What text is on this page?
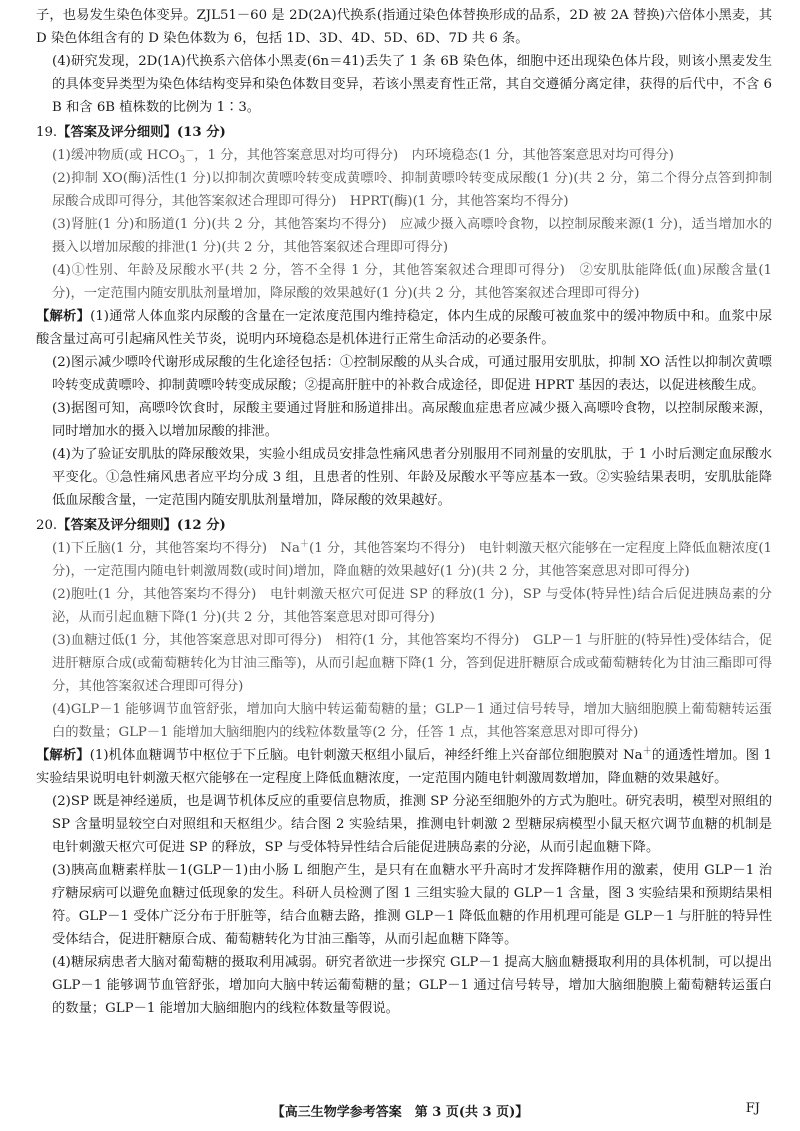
子，也易发生染色体变异。ZJL51－60 是 2D(2A)代换系(指通过染色体替换形成的品系，2D 被 2A 替换)六倍体小黑麦，其 D 染色体组含有的 D 染色体数为 6，包括 1D、3D、4D、5D、6D、7D 共 6 条。

(4)研究发现，2D(1A)代换系六倍体小黑麦(6n＝41)丢失了 1 条 6B 染色体，细胞中还出现染色体片段，则该小黑麦发生的具体变异类型为染色体结构变异和染色体数目变异，若该小黑麦育性正常，其自交遵循分离定律，获得的后代中，不含 6B 和含 6B 植株数的比例为 1∶3。

19.【答案及评分细则】(13 分)

(1)缓冲物质(或 $HCO_3^-$，1 分，其他答案意思对均可得分)　内环境稳态(1 分，其他答案意思对均可得分)

(2)抑制 XO(酶)活性(1 分)以抑制次黄嘌呤转变成黄嘌呤、抑制黄嘌呤转变成尿酸(1 分)(共 2 分，第二个得分点答到抑制尿酸合成即可得分，其他答案叙述合理即可得分)　HPRT(酶)(1 分，其他答案均不得分)

(3)肾脏(1 分)和肠道(1 分)(共 2 分，其他答案均不得分)　应减少摄入高嘌呤食物，以控制尿酸来源(1 分)，适当增加水的摄入以增加尿酸的排泄(1 分)(共 2 分，其他答案叙述合理即可得分)

(4)①性别、年龄及尿酸水平(共 2 分，答不全得 1 分，其他答案叙述合理即可得分)　②安肌肽能降低(血)尿酸含量(1 分)，一定范围内随安肌肽剂量增加，降尿酸的效果越好(1 分)(共 2 分，其他答案叙述合理即可得分)

【解析】(1)通常人体血浆内尿酸的含量在一定浓度范围内维持稳定，体内生成的尿酸可被血浆中的缓冲物质中和。血浆中尿酸含量过高可引起痛风性关节炎，说明内环境稳态是机体进行正常生命活动的必要条件。

(2)图示减少嘌呤代谢形成尿酸的生化途径包括：①控制尿酸的从头合成，可通过服用安肌肽，抑制 XO 活性以抑制次黄嘌呤转变成黄嘌呤、抑制黄嘌呤转变成尿酸；②提高肝脏中的补救合成途径，即促进 HPRT 基因的表达，以促进核酸生成。

(3)据图可知，高嘌呤饮食时，尿酸主要通过肾脏和肠道排出。高尿酸血症患者应减少摄入高嘌呤食物，以控制尿酸来源，同时增加水的摄入以增加尿酸的排泄。

(4)为了验证安肌肽的降尿酸效果，实验小组成员安排急性痛风患者分别服用不同剂量的安肌肽，于 1 小时后测定血尿酸水平变化。①急性痛风患者应平均分成 3 组，且患者的性别、年龄及尿酸水平等应基本一致。②实验结果表明，安肌肽能降低血尿酸含量，一定范围内随安肌肽剂量增加，降尿酸的效果越好。

20.【答案及评分细则】(12 分)

(1)下丘脑(1 分，其他答案均不得分)　Na＋(1 分，其他答案均不得分)　电针刺激天枢穴能够在一定程度上降低血糖浓度(1 分)，一定范围内随电针刺激周数(或时间)增加，降血糖的效果越好(1 分)(共 2 分，其他答案意思对即可得分)

(2)胞吐(1 分，其他答案均不得分)　电针刺激天枢穴可促进 SP 的释放(1 分)，SP 与受体(特异性)结合后促进胰岛素的分泌，从而引起血糖下降(1 分)(共 2 分，其他答案意思对即可得分)

(3)血糖过低(1 分，其他答案意思对即可得分)　相符(1 分，其他答案均不得分)　GLP－1 与肝脏的(特异性)受体结合，促进肝糖原合成(或葡萄糖转化为甘油三酯等)，从而引起血糖下降(1 分，答到促进肝糖原合成或葡萄糖转化为甘油三酯即可得分，其他答案叙述合理即可得分)

(4)GLP－1 能够调节血管舒张，增加向大脑中转运葡萄糖的量；GLP－1 通过信号转导，增加大脑细胞膜上葡萄糖转运蛋白的数量；GLP－1 能增加大脑细胞内的线粒体数量等(2 分，任答 1 点，其他答案意思对即可得分)

【解析】(1)机体血糖调节中枢位于下丘脑。电针刺激天枢组小鼠后，神经纤维上兴奋部位细胞膜对 Na＋的通透性增加。图 1 实验结果说明电针刺激天枢穴能够在一定程度上降低血糖浓度，一定范围内随电针刺激周数增加，降血糖的效果越好。

(2)SP 既是神经递质，也是调节机体反应的重要信息物质，推测 SP 分泌至细胞外的方式为胞吐。研究表明，模型对照组的 SP 含量明显较空白对照组和天枢组少。结合图 2 实验结果，推测电针刺激 2 型糖尿病模型小鼠天枢穴调节血糖的机制是电针刺激天枢穴可促进 SP 的释放，SP 与受体特异性结合后能促进胰岛素的分泌，从而引起血糖下降。

(3)胰高血糖素样肽－1(GLP－1)由小肠 L 细胞产生，是只有在血糖水平升高时才发挥降糖作用的激素，使用 GLP－1 治疗糖尿病可以避免血糖过低现象的发生。科研人员检测了图 1 三组实验大鼠的 GLP－1 含量，图 3 实验结果和预期结果相符。GLP－1 受体广泛分布于肝脏等，结合血糖去路，推测 GLP－1 降低血糖的作用机理可能是 GLP－1 与肝脏的特异性受体结合，促进肝糖原合成、葡萄糖转化为甘油三酯等，从而引起血糖下降等。

(4)糖尿病患者大脑对葡萄糖的摄取利用减弱。研究者欲进一步探究 GLP－1 提高大脑血糖摄取利用的具体机制，可以提出 GLP－1 能够调节血管舒张，增加向大脑中转运葡萄糖的量；GLP－1 通过信号转导，增加大脑细胞膜上葡萄糖转运蛋白的数量；GLP－1 能增加大脑细胞内的线粒体数量等假说。

【高三生物学参考答案　第 3 页(共 3 页)】	FJ
